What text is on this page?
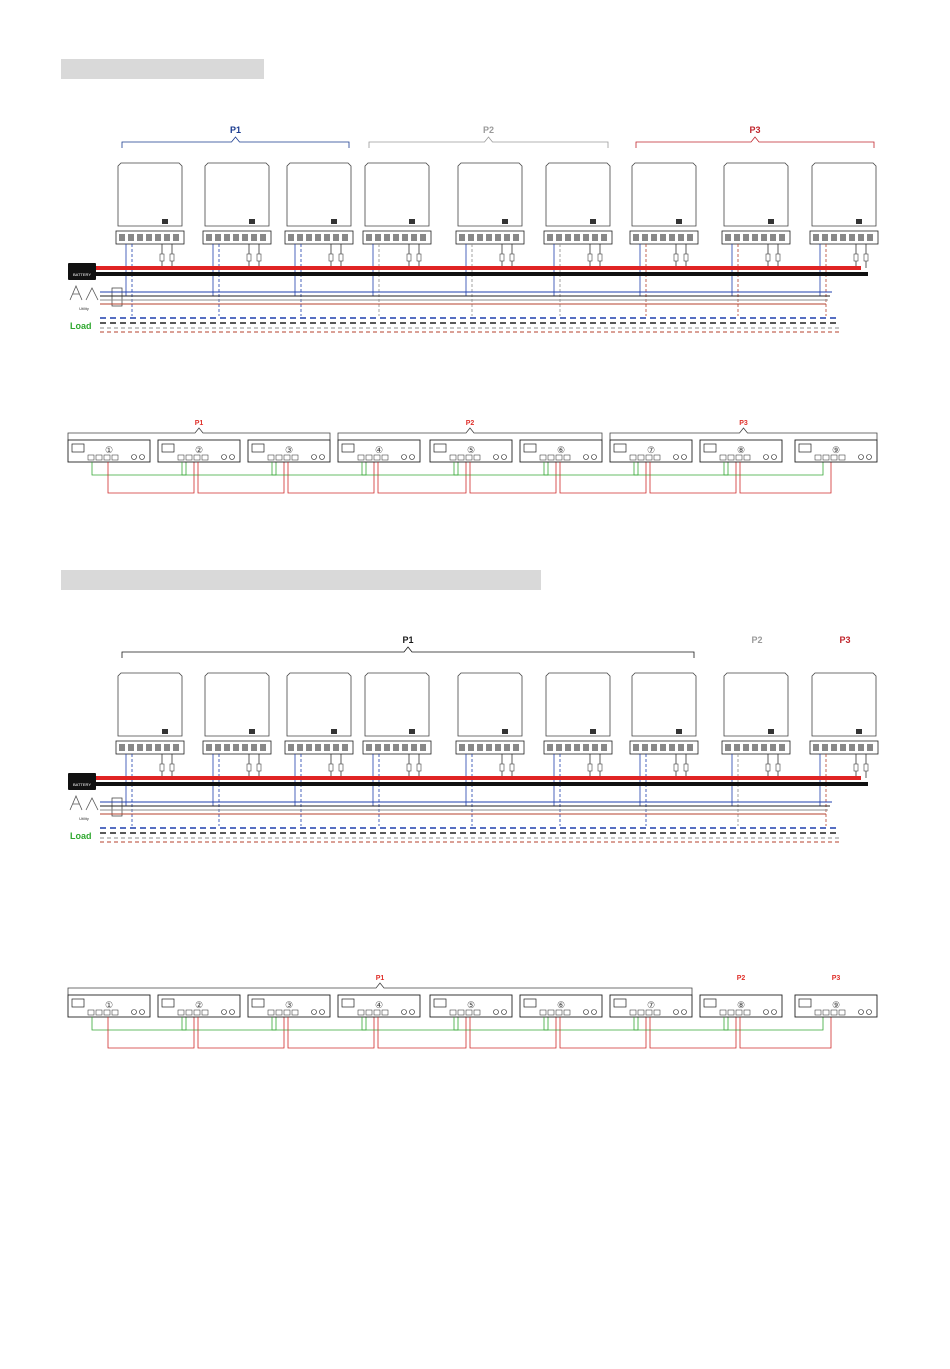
P1	P2	P3
BATTERY
Utility
Load
P1	P2	P3
①	②	③	④	⑤	⑥	⑦	⑧	⑨
P1	P2	P3
BATTERY
Utility
Load
P1	P2	P3
①	②	③	④	⑤	⑥	⑦	⑧	⑨
